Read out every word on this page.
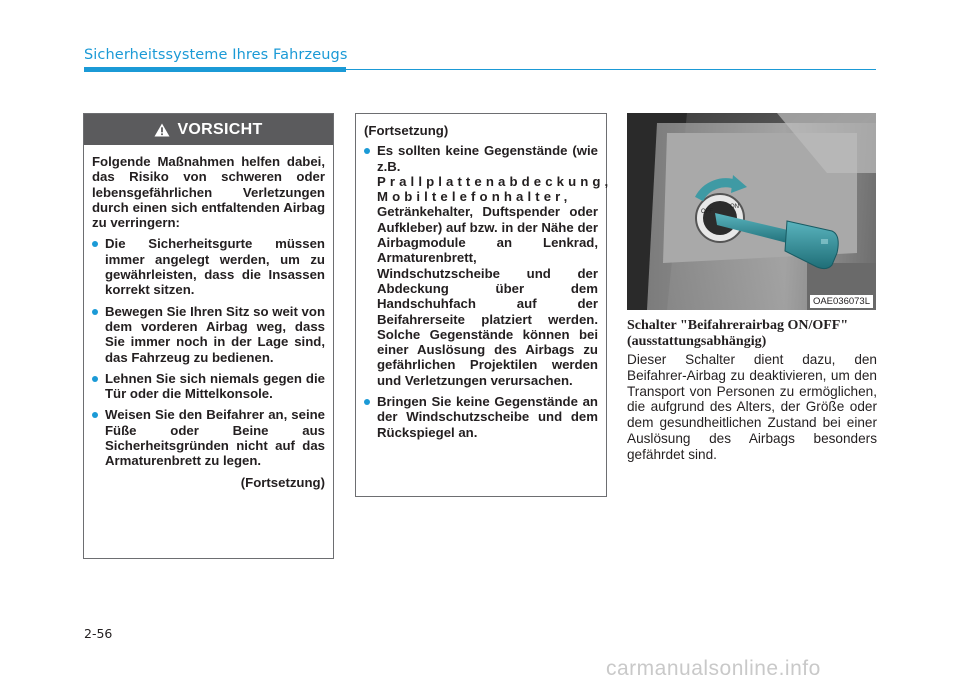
Sicherheitssysteme Ihres Fahrzeugs
VORSICHT

Folgende Maßnahmen helfen dabei, das Risiko von schweren oder lebensgefährlichen Verletzungen durch einen sich entfaltenden Airbag zu verringern:

Die Sicherheitsgurte müssen immer angelegt werden, um zu gewährleisten, dass die Insassen korrekt sitzen.
Bewegen Sie Ihren Sitz so weit von dem vorderen Airbag weg, dass Sie immer noch in der Lage sind, das Fahrzeug zu bedienen.
Lehnen Sie sich niemals gegen die Tür oder die Mittelkonsole.
Weisen Sie den Beifahrer an, seine Füße oder Beine aus Sicherheitsgründen nicht auf das Armaturenbrett zu legen.
(Fortsetzung)

(Fortsetzung)

Es sollten keine Gegenstände (wie z.B. Prallplattenabdeckung, Mobiltelefonhalter, Getränkehalter, Duftspender oder Aufkleber) auf bzw. in der Nähe der Airbagmodule an Lenkrad, Armaturenbrett, Windschutzscheibe und der Abdeckung über dem Handschuhfach auf der Beifahrerseite platziert werden. Solche Gegenstände können bei einer Auslösung des Airbags zu gefährlichen Projektilen werden und Verletzungen verursachen.
Bringen Sie keine Gegenstände an der Windschutzscheibe und dem Rückspiegel an.
OFF
ON
OAE036073L
Schalter "Beifahrerairbag ON/OFF" (ausstattungsabhängig)
Dieser Schalter dient dazu, den Beifahrer-Airbag zu deaktivieren, um den Transport von Personen zu ermöglichen, die aufgrund des Alters, der Größe oder dem gesundheitlichen Zustand bei einer Auslösung des Airbags besonders gefährdet sind.
2-56
carmanualsonline.info
